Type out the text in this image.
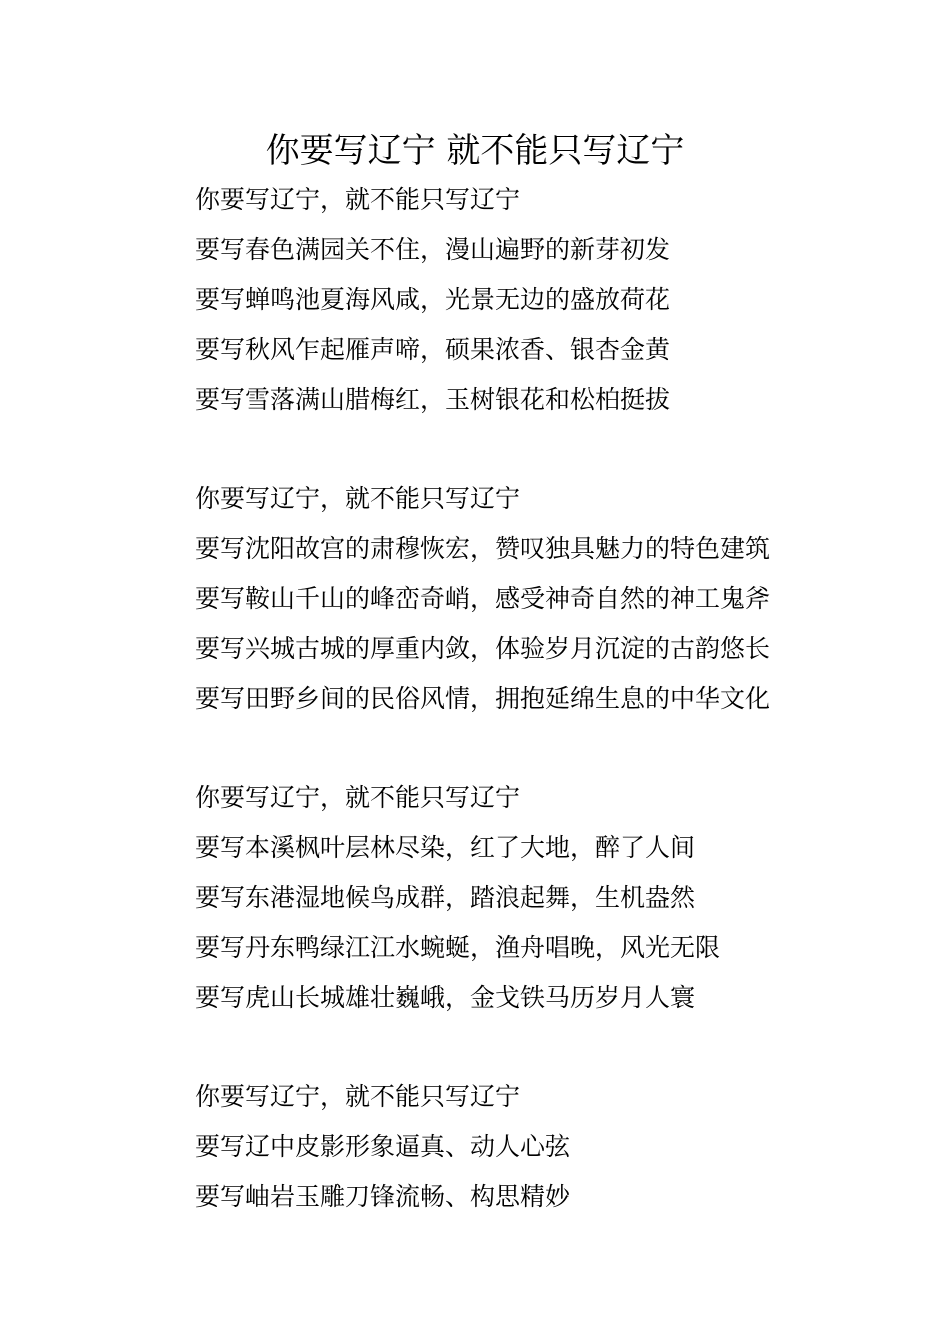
你要写辽宁 就不能只写辽宁
你要写辽宁，就不能只写辽宁
要写春色满园关不住，漫山遍野的新芽初发
要写蝉鸣池夏海风咸，光景无边的盛放荷花
要写秋风乍起雁声啼，硕果浓香、银杏金黄
要写雪落满山腊梅红，玉树银花和松柏挺拔
你要写辽宁，就不能只写辽宁
要写沈阳故宫的肃穆恢宏，赞叹独具魅力的特色建筑
要写鞍山千山的峰峦奇峭，感受神奇自然的神工鬼斧
要写兴城古城的厚重内敛，体验岁月沉淀的古韵悠长
要写田野乡间的民俗风情，拥抱延绵生息的中华文化
你要写辽宁，就不能只写辽宁
要写本溪枫叶层林尽染，红了大地，醉了人间
要写东港湿地候鸟成群，踏浪起舞，生机盎然
要写丹东鸭绿江江水蜿蜒，渔舟唱晚，风光无限
要写虎山长城雄壮巍峨，金戈铁马历岁月人寰
你要写辽宁，就不能只写辽宁
要写辽中皮影形象逼真、动人心弦
要写岫岩玉雕刀锋流畅、构思精妙
